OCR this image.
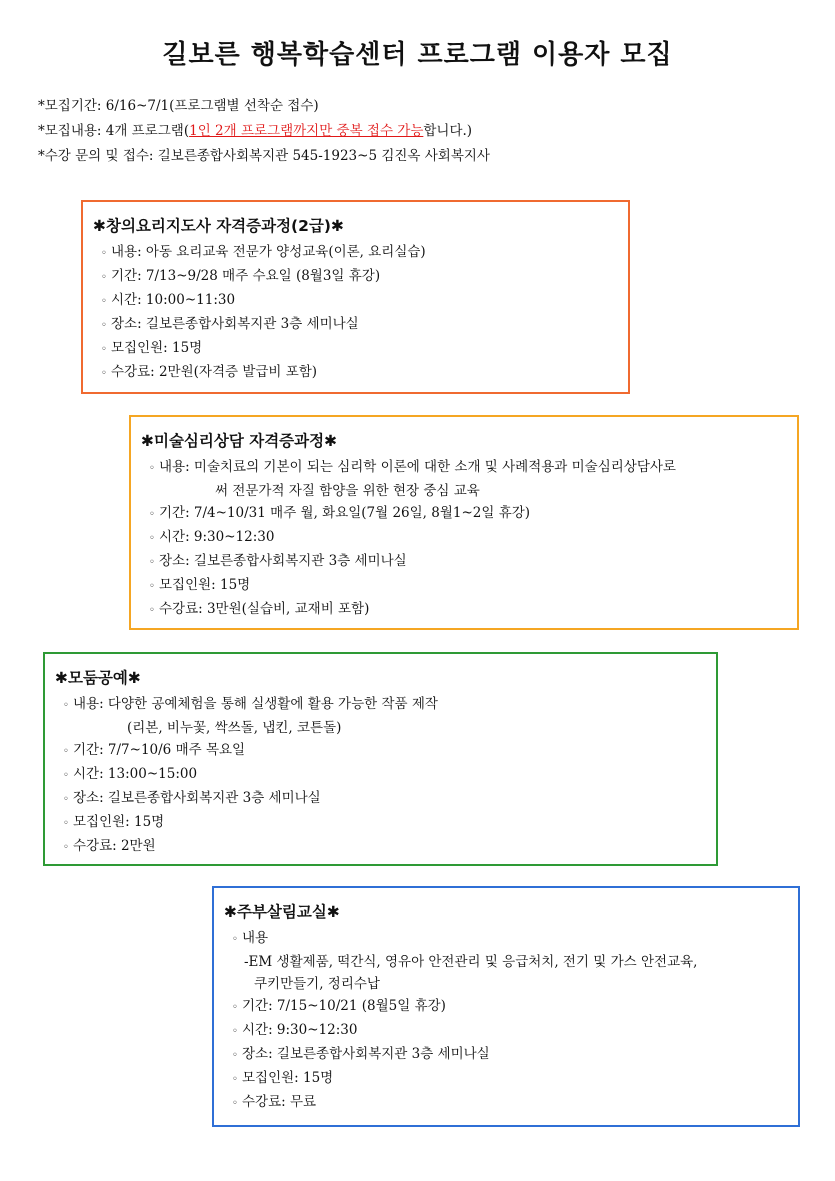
길보른 행복학습센터 프로그램 이용자 모집
*모집기간: 6/16~7/1(프로그램별 선착순 접수)
*모집내용: 4개 프로그램(1인 2개 프로그램까지만 중복 접수 가능합니다.)
*수강 문의 및 접수: 길보른종합사회복지관 545-1923~5 김진옥 사회복지사
✱창의요리지도사 자격증과정(2급)✱
◦ 내용: 아동 요리교육 전문가 양성교육(이론, 요리실습)
◦ 기간: 7/13~9/28 매주 수요일 (8월3일 휴강)
◦ 시간: 10:00~11:30
◦ 장소: 길보른종합사회복지관 3층 세미나실
◦ 모집인원: 15명
◦ 수강료: 2만원(자격증 발급비 포함)
✱미술심리상담 자격증과정✱
◦ 내용: 미술치료의 기본이 되는 심리학 이론에 대한 소개 및 사례적용과 미술심리상담사로
써 전문가적 자질 함양을 위한 현장 중심 교육
◦ 기간: 7/4~10/31 매주 월, 화요일(7월 26일, 8월1~2일 휴강)
◦ 시간: 9:30~12:30
◦ 장소: 길보른종합사회복지관 3층 세미나실
◦ 모집인원: 15명
◦ 수강료: 3만원(실습비, 교재비 포함)
✱모둠공예✱
◦ 내용: 다양한 공예체험을 통해 실생활에 활용 가능한 작품 제작
(리본, 비누꽃, 싹쓰돌, 냅킨, 코튼돌)
◦ 기간: 7/7~10/6 매주 목요일
◦ 시간: 13:00~15:00
◦ 장소: 길보른종합사회복지관 3층 세미나실
◦ 모집인원: 15명
◦ 수강료: 2만원
✱주부살림교실✱
◦ 내용
-EM 생활제품, 떡간식, 영유아 안전관리 및 응급처치, 전기 및 가스 안전교육,
쿠키만들기, 정리수납
◦ 기간: 7/15~10/21 (8월5일 휴강)
◦ 시간: 9:30~12:30
◦ 장소: 길보른종합사회복지관 3층 세미나실
◦ 모집인원: 15명
◦ 수강료: 무료
